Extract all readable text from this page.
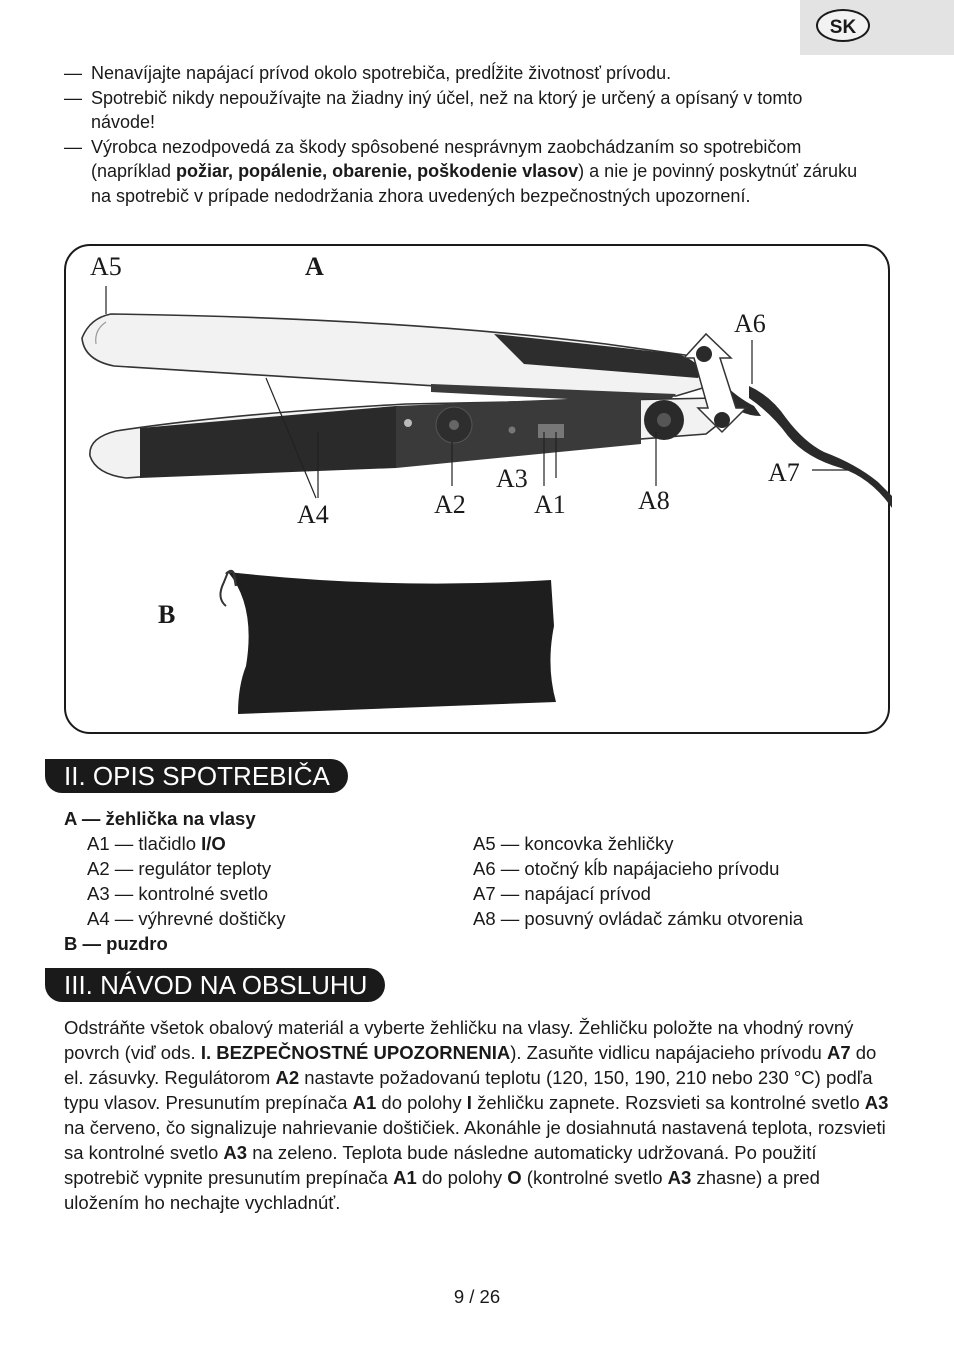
SK
— Nenavíjajte napájací prívod okolo spotrebiča, predĺžite životnosť prívodu.
— Spotrebič nikdy nepoužívajte na žiadny iný účel, než na ktorý je určený a opísaný v tomto návode!
— Výrobca nezodpovedá za škody spôsobené nesprávnym zaobchádzaním so spotrebičom (napríklad požiar, popálenie, obarenie, poškodenie vlasov) a nie je povinný poskytnúť záruku na spotrebič v prípade nedodržania zhora uvedených bezpečnostných upozornení.
A5	A
A6
A7
A3
A2	A1	A8
A4
B
II. OPIS SPOTREBIČA
A — žehlička na vlasy
A1 — tlačidlo I/O
A2 — regulátor teploty
A3 — kontrolné svetlo
A4 — výhrevné doštičky
B — puzdro
A5 — koncovka žehličky
A6 — otočný kĺb napájacieho prívodu
A7 — napájací prívod
A8 — posuvný ovládač zámku otvorenia
III. NÁVOD NA OBSLUHU
Odstráňte všetok obalový materiál a vyberte žehličku na vlasy. Žehličku položte na vhodný rovný povrch (viď ods. I. BEZPEČNOSTNÉ UPOZORNENIA). Zasuňte vidlicu napájacieho prívodu A7 do el. zásuvky. Regulátorom A2 nastavte požadovanú teplotu (120, 150, 190, 210 nebo 230 °C) podľa typu vlasov. Presunutím prepínača A1 do polohy I žehličku zapnete. Rozsvieti sa kontrolné svetlo A3 na červeno, čo signalizuje nahrievanie doštičiek. Akonáhle je dosiahnutá nastavená teplota, rozsvieti sa kontrolné svetlo A3 na zeleno. Teplota bude následne automaticky udržovaná. Po použití spotrebič vypnite presunutím prepínača A1 do polohy O (kontrolné svetlo A3 zhasne) a pred uložením ho nechajte vychladnúť.
9 / 26
